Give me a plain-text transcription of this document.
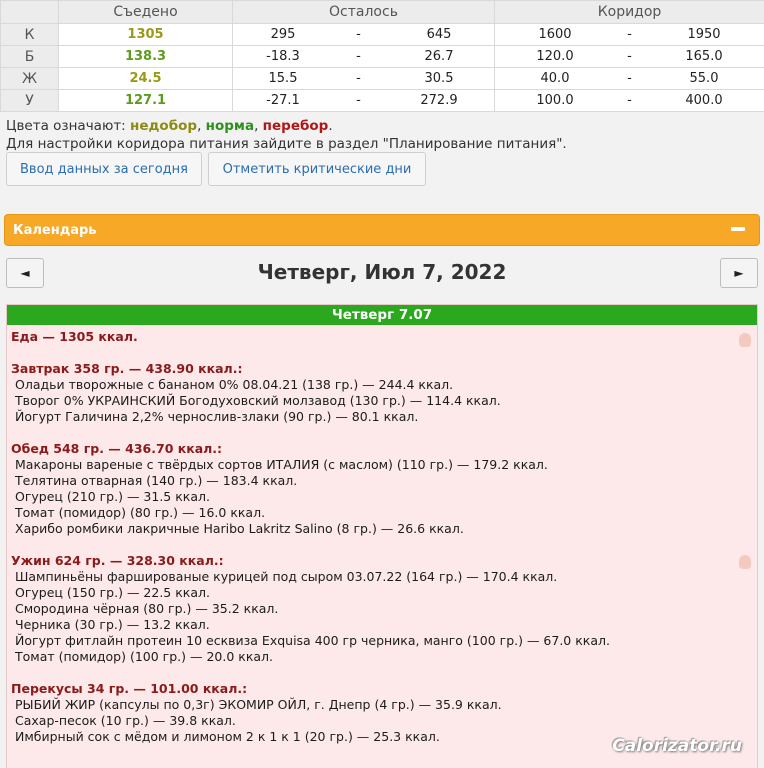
	Съедено	Осталось	Коридор
К	1305	295 - 645	1600 - 1950

Б	138.3	-18.3 - 26.7	120.0 - 165.0

Ж	24.5	15.5 - 30.5	40.0 - 55.0

У	127.1	-27.1 - 272.9	100.0 - 400.0
Цвета означают: недобор, норма, перебор.
Для настройки коридора питания зайдите в раздел "Планирование питания".
Ввод данных за сегодня	Отметить критические дни
Календарь
◄	Четверг, Июл 7, 2022	►
Четверг 7.07
Еда — 1305 ккал.
Завтрак 358 гр. — 438.90 ккал.:
Оладьи творожные с бананом 0% 08.04.21 (138 гр.) — 244.4 ккал.
Творог 0% УКРАИНСКИЙ Богодуховский молзавод (130 гр.) — 114.4 ккал.
Йогурт Галичина 2,2% чернослив-злаки (90 гр.) — 80.1 ккал.
Обед 548 гр. — 436.70 ккал.:
Макароны вареные с твёрдых сортов ИТАЛИЯ (с маслом) (110 гр.) — 179.2 ккал.
Телятина отварная (140 гр.) — 183.4 ккал.
Огурец (210 гр.) — 31.5 ккал.
Томат (помидор) (80 гр.) — 16.0 ккал.
Харибо ромбики лакричные Haribo Lakritz Salino (8 гр.) — 26.6 ккал.
Ужин 624 гр. — 328.30 ккал.:
Шампиньёны фаршированые курицей под сыром 03.07.22 (164 гр.) — 170.4 ккал.
Огурец (150 гр.) — 22.5 ккал.
Смородина чёрная (80 гр.) — 35.2 ккал.
Черника (30 гр.) — 13.2 ккал.
Йогурт фитлайн протеин 10 есквиза Exquisa 400 гр черника, манго (100 гр.) — 67.0 ккал.
Томат (помидор) (100 гр.) — 20.0 ккал.
Перекусы 34 гр. — 101.00 ккал.:
РЫБИЙ ЖИР (капсулы по 0,3г) ЭКОМИР ОЙЛ, г. Днепр (4 гр.) — 35.9 ккал.
Сахар-песок (10 гр.) — 39.8 ккал.
Имбирный сок с мёдом и лимоном 2 к 1 к 1 (20 гр.) — 25.3 ккал.	Calorizator.ru
